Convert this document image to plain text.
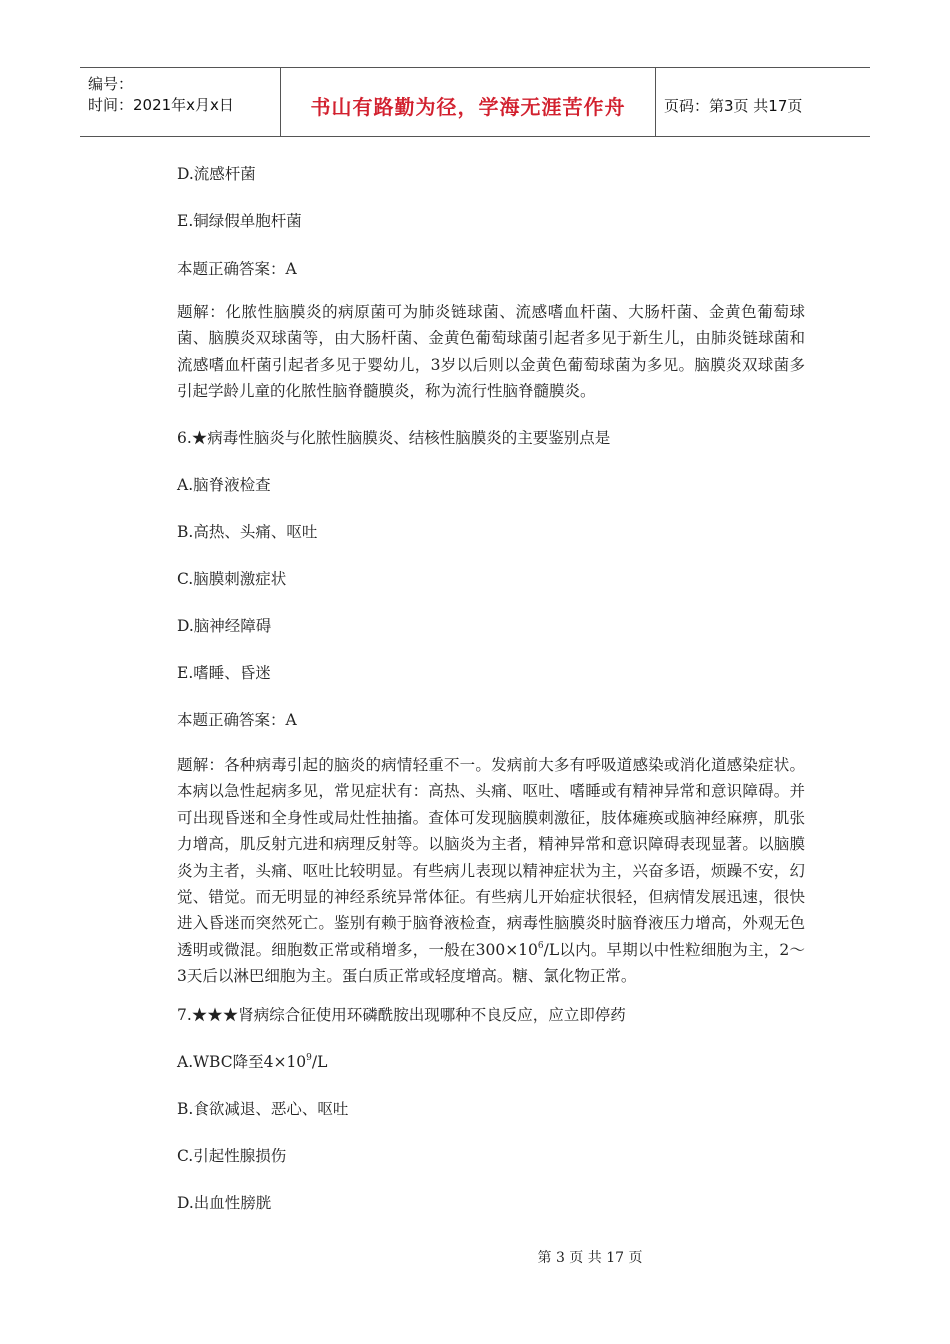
编号：
时间：2021年x月x日	书山有路勤为径，学海无涯苦作舟	页码：第3页 共17页
D.流感杆菌
E.铜绿假单胞杆菌
本题正确答案：A
题解：化脓性脑膜炎的病原菌可为肺炎链球菌、流感嗜血杆菌、大肠杆菌、金黄色葡萄球菌、脑膜炎双球菌等，由大肠杆菌、金黄色葡萄球菌引起者多见于新生儿，由肺炎链球菌和流感嗜血杆菌引起者多见于婴幼儿，3岁以后则以金黄色葡萄球菌为多见。脑膜炎双球菌多引起学龄儿童的化脓性脑脊髓膜炎，称为流行性脑脊髓膜炎。
6.★病毒性脑炎与化脓性脑膜炎、结核性脑膜炎的主要鉴别点是
A.脑脊液检查
B.高热、头痛、呕吐
C.脑膜刺激症状
D.脑神经障碍
E.嗜睡、昏迷
本题正确答案：A
题解：各种病毒引起的脑炎的病情轻重不一。发病前大多有呼吸道感染或消化道感染症状。本病以急性起病多见，常见症状有：高热、头痛、呕吐、嗜睡或有精神异常和意识障碍。并可出现昏迷和全身性或局灶性抽搐。查体可发现脑膜刺激征，肢体瘫痪或脑神经麻痹，肌张力增高，肌反射亢进和病理反射等。以脑炎为主者，精神异常和意识障碍表现显著。以脑膜炎为主者，头痛、呕吐比较明显。有些病儿表现以精神症状为主，兴奋多语，烦躁不安，幻觉、错觉。而无明显的神经系统异常体征。有些病儿开始症状很轻，但病情发展迅速，很快进入昏迷而突然死亡。鉴别有赖于脑脊液检查，病毒性脑膜炎时脑脊液压力增高，外观无色透明或微混。细胞数正常或稍增多，一般在$300\times 10^6/L$以内。早期以中性粒细胞为主，2～3天后以淋巴细胞为主。蛋白质正常或轻度增高。糖、氯化物正常。
7.★★★肾病综合征使用环磷酰胺出现哪种不良反应，应立即停药
A.WBC降至$4\times 10^9/L$
B.食欲减退、恶心、呕吐
C.引起性腺损伤
D.出血性膀胱
第 3 页 共 17 页
